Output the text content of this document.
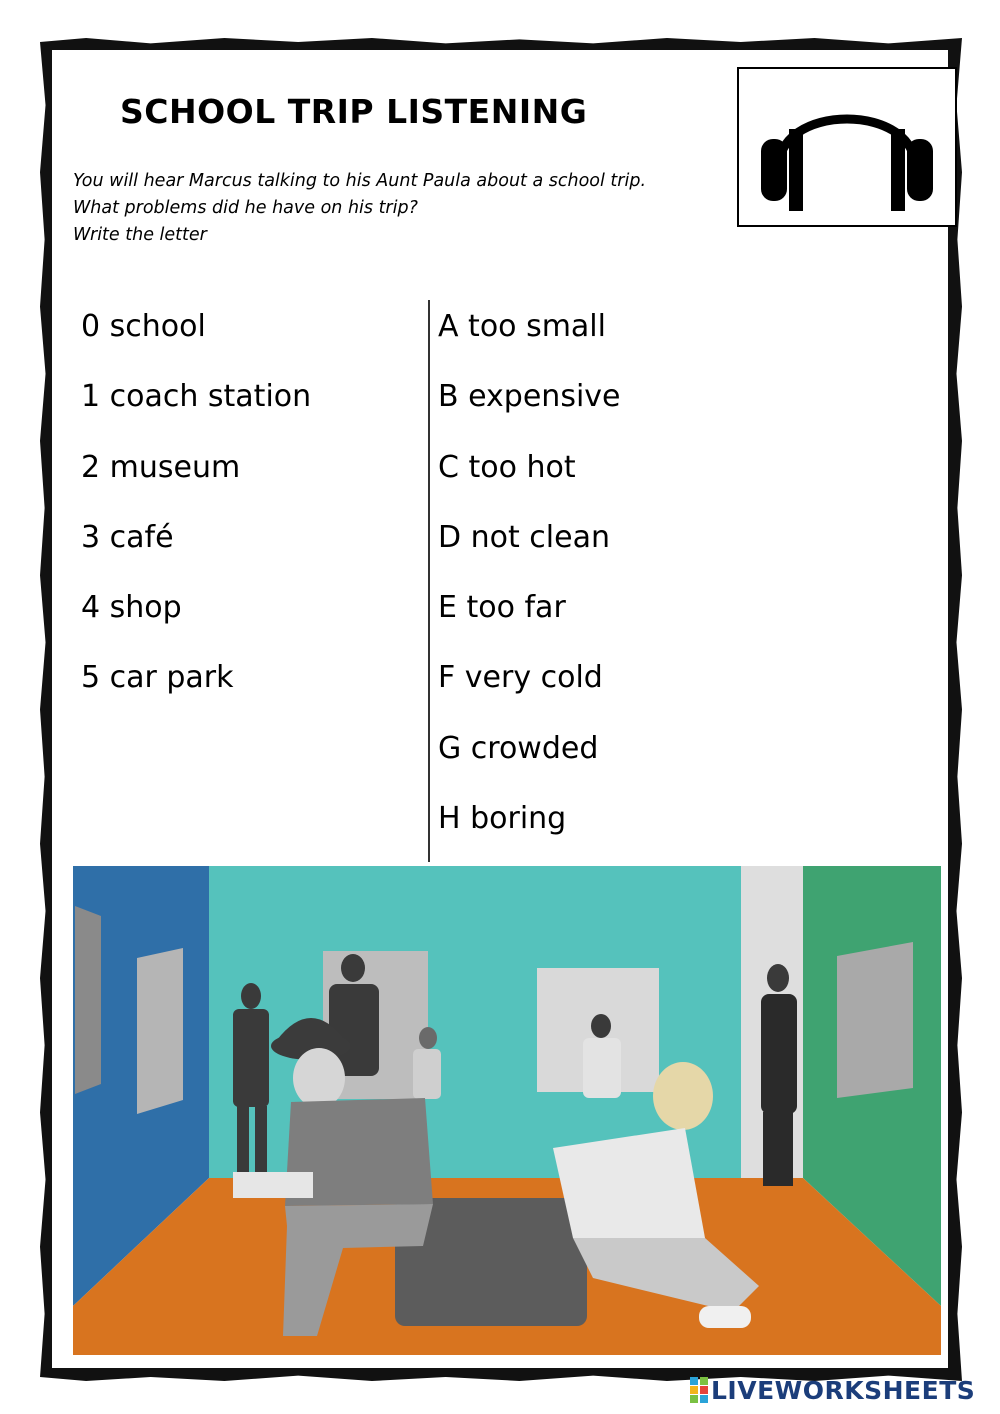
SCHOOL TRIP LISTENING
You will hear Marcus talking to his Aunt Paula about a school trip.
What problems did he have on his trip?
Write the letter
0 school
1 coach station
2 museum
3 café
4 shop
5 car park
A too small
B expensive
C too hot
D not clean
E too far
F very cold
G crowded
H boring
LIVEWORKSHEETS
